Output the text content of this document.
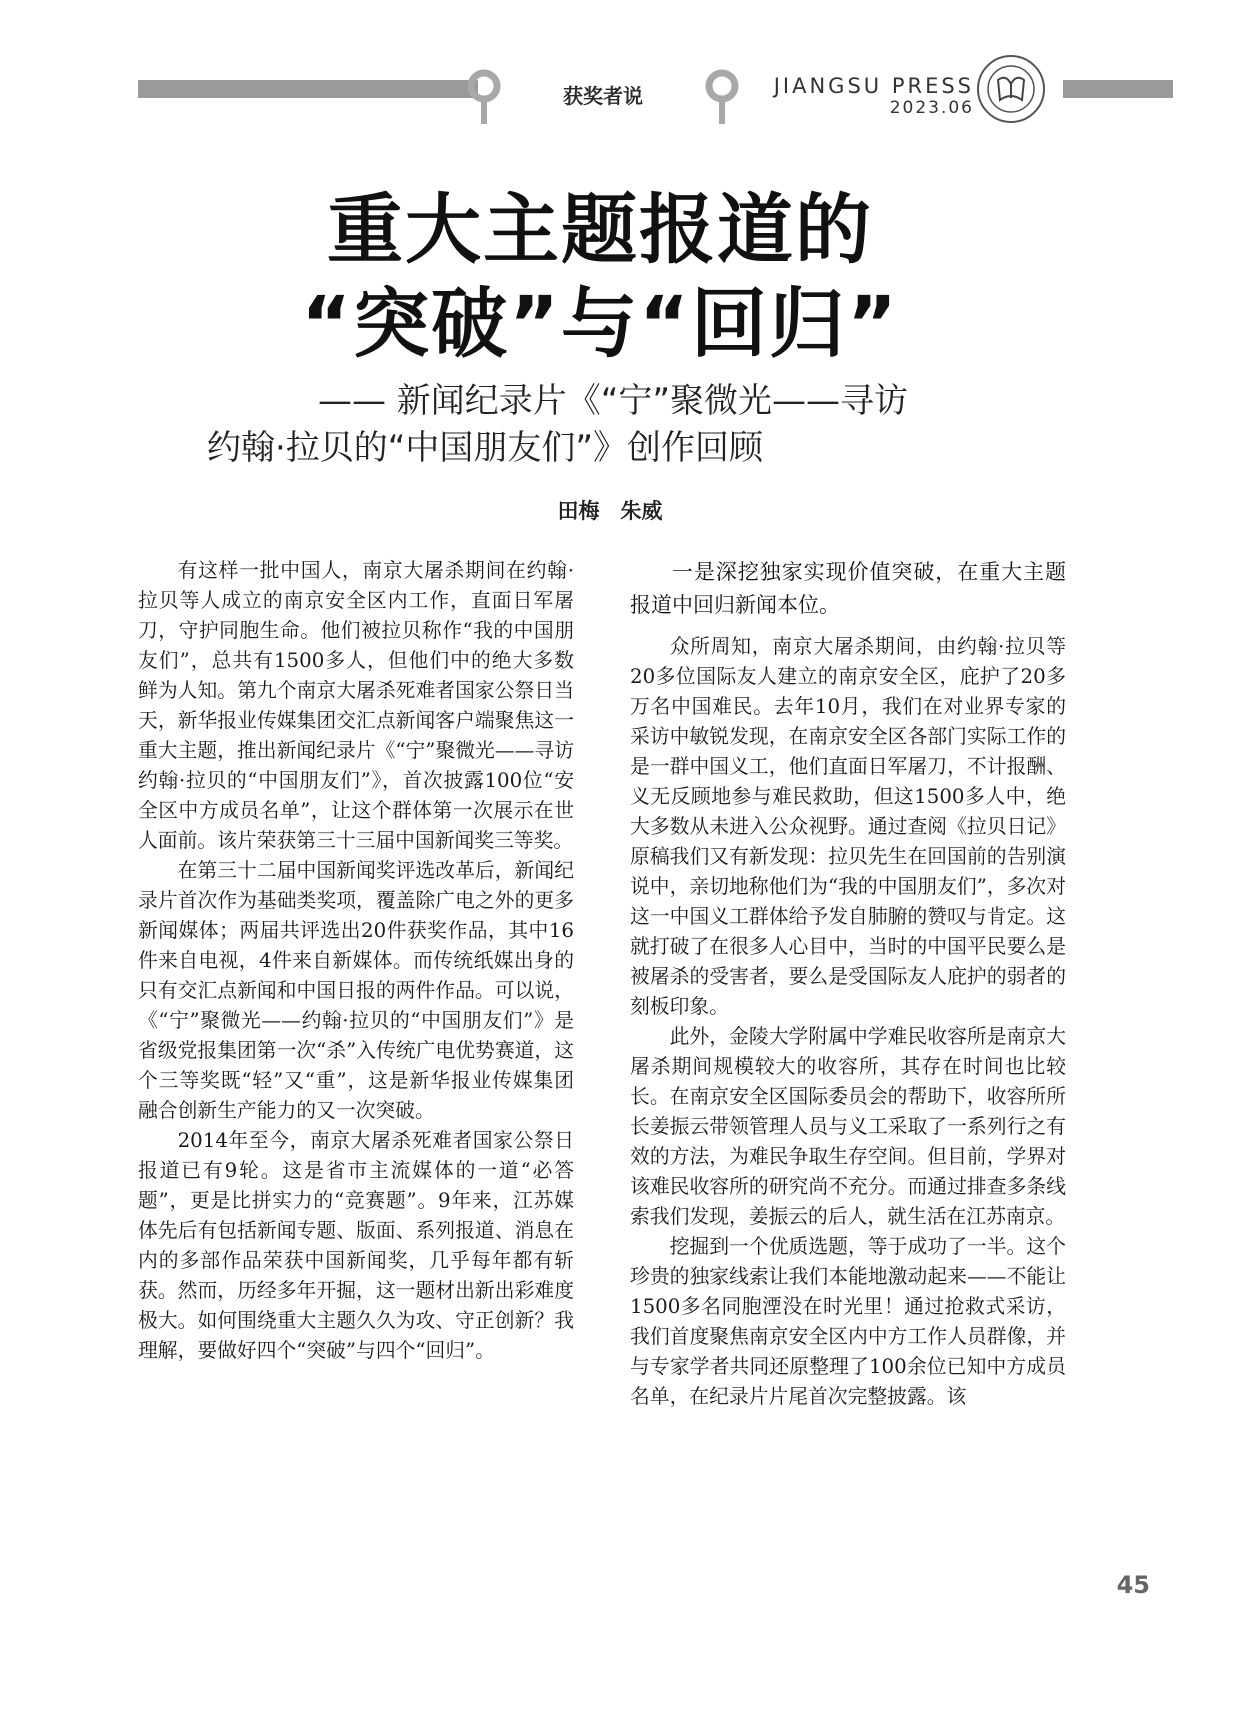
获奖者说	JIANGSU PRESS
2023.06
重大主题报道的
“突破”与“回归”
—— 新闻纪录片《“宁”聚微光——寻访
约翰·拉贝的“中国朋友们”》创作回顾
田梅　朱威

有这样一批中国人，南京大屠杀期间在约翰·拉贝等人成立的南京安全区内工作，直面日军屠刀，守护同胞生命。他们被拉贝称作“我的中国朋友们”，总共有1500多人，但他们中的绝大多数鲜为人知。第九个南京大屠杀死难者国家公祭日当天，新华报业传媒集团交汇点新闻客户端聚焦这一重大主题，推出新闻纪录片《“宁”聚微光——寻访约翰·拉贝的“中国朋友们”》，首次披露100位“安全区中方成员名单”，让这个群体第一次展示在世人面前。该片荣获第三十三届中国新闻奖三等奖。

在第三十二届中国新闻奖评选改革后，新闻纪录片首次作为基础类奖项，覆盖除广电之外的更多新闻媒体；两届共评选出20件获奖作品，其中16件来自电视，4件来自新媒体。而传统纸媒出身的只有交汇点新闻和中国日报的两件作品。可以说，《“宁”聚微光——约翰·拉贝的“中国朋友们”》是省级党报集团第一次“杀”入传统广电优势赛道，这个三等奖既“轻”又“重”，这是新华报业传媒集团融合创新生产能力的又一次突破。

2014年至今，南京大屠杀死难者国家公祭日报道已有9轮。这是省市主流媒体的一道“必答题”，更是比拼实力的“竞赛题”。9年来，江苏媒体先后有包括新闻专题、版面、系列报道、消息在内的多部作品荣获中国新闻奖，几乎每年都有斩获。然而，历经多年开掘，这一题材出新出彩难度极大。如何围绕重大主题久久为攻、守正创新？我理解，要做好四个“突破”与四个“回归”。

一是深挖独家实现价值突破，在重大主题报道中回归新闻本位。

众所周知，南京大屠杀期间，由约翰·拉贝等20多位国际友人建立的南京安全区，庇护了20多万名中国难民。去年10月，我们在对业界专家的采访中敏锐发现，在南京安全区各部门实际工作的是一群中国义工，他们直面日军屠刀，不计报酬、义无反顾地参与难民救助，但这1500多人中，绝大多数从未进入公众视野。通过查阅《拉贝日记》原稿我们又有新发现：拉贝先生在回国前的告别演说中，亲切地称他们为“我的中国朋友们”，多次对这一中国义工群体给予发自肺腑的赞叹与肯定。这就打破了在很多人心目中，当时的中国平民要么是被屠杀的受害者，要么是受国际友人庇护的弱者的刻板印象。

此外，金陵大学附属中学难民收容所是南京大屠杀期间规模较大的收容所，其存在时间也比较长。在南京安全区国际委员会的帮助下，收容所所长姜振云带领管理人员与义工采取了一系列行之有效的方法，为难民争取生存空间。但目前，学界对该难民收容所的研究尚不充分。而通过排查多条线索我们发现，姜振云的后人，就生活在江苏南京。

挖掘到一个优质选题，等于成功了一半。这个珍贵的独家线索让我们本能地激动起来——不能让1500多名同胞湮没在时光里！通过抢救式采访，我们首度聚焦南京安全区内中方工作人员群像，并与专家学者共同还原整理了100余位已知中方成员名单，在纪录片片尾首次完整披露。该

45
